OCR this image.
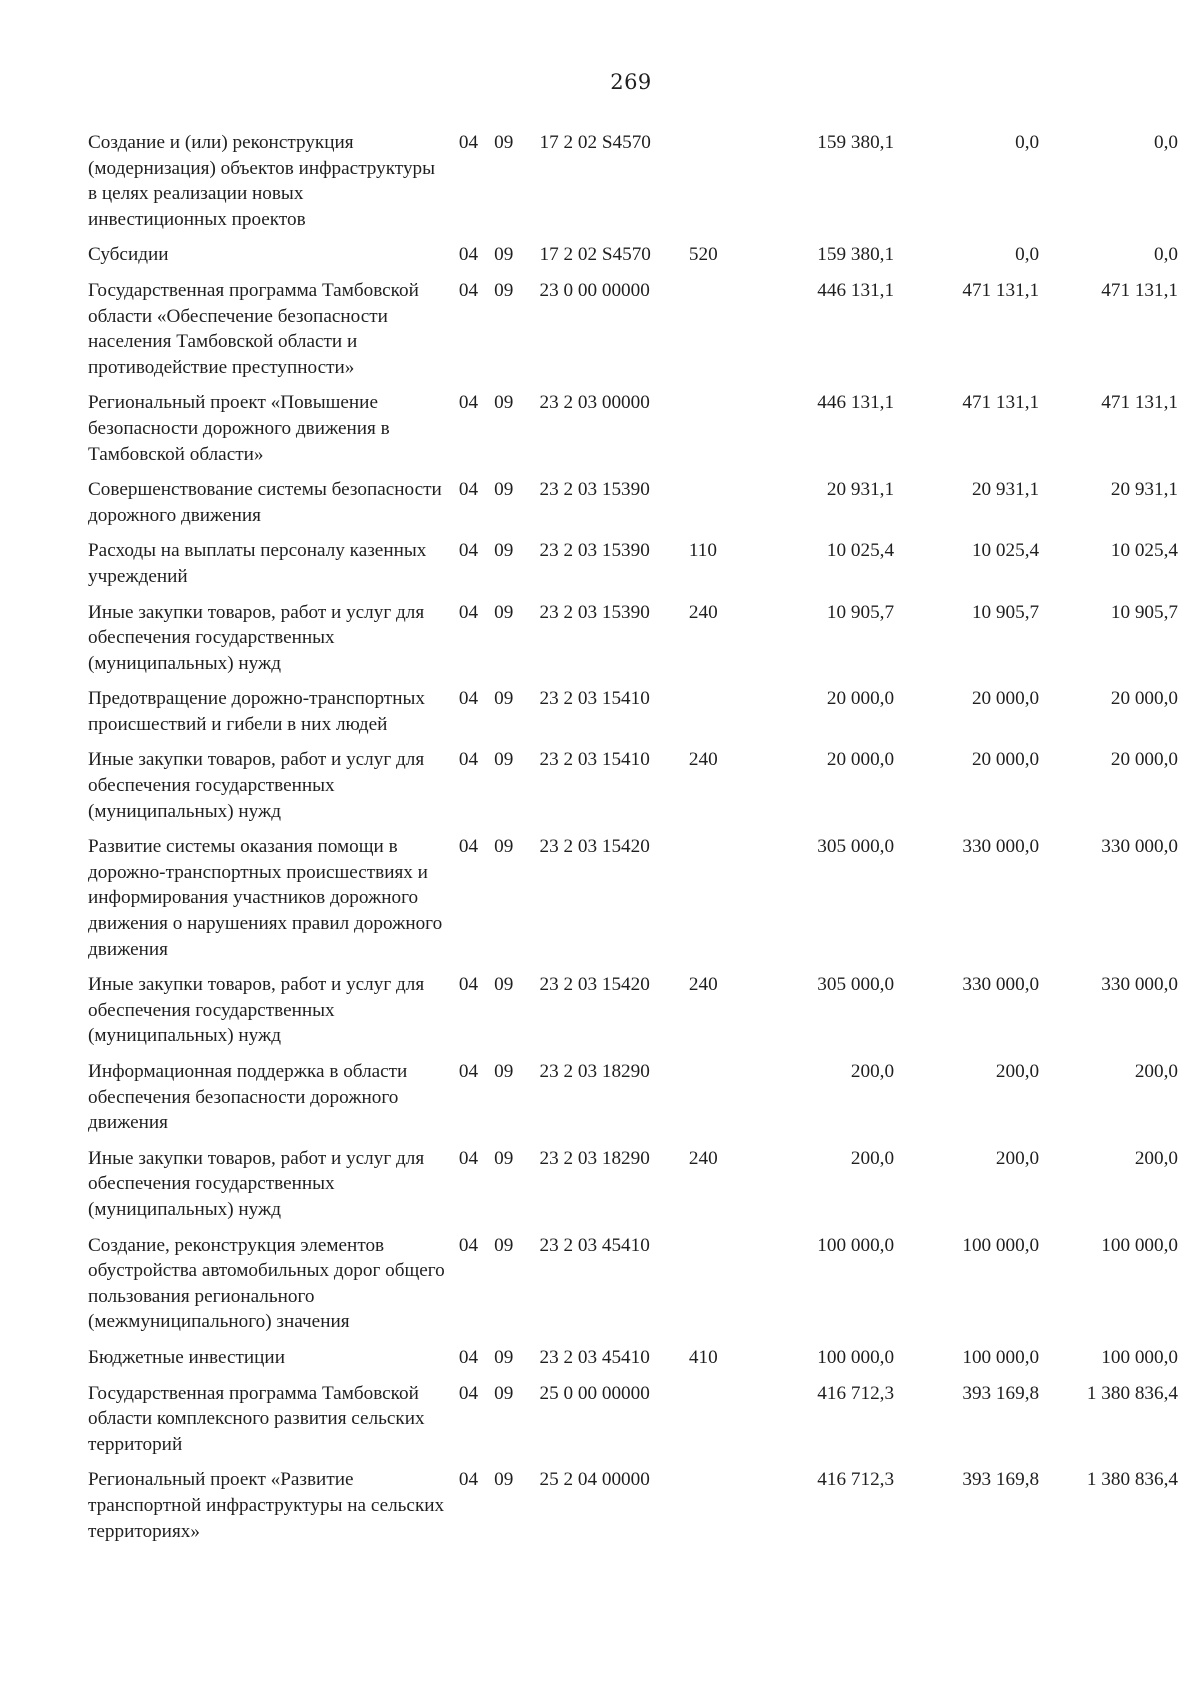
269
Создание и (или) реконструкция (модернизация) объектов инфраструктуры в целях реализации новых инвестиционных проектов	04	09	17 2 02 S4570		159 380,1	0,0	0,0
Субсидии	04	09	17 2 02 S4570	520	159 380,1	0,0	0,0
Государственная программа Тамбовской области «Обеспечение безопасности населения Тамбовской области и противодействие преступности»	04	09	23 0 00 00000		446 131,1	471 131,1	471 131,1
Региональный проект «Повышение безопасности дорожного движения в Тамбовской области»	04	09	23 2 03 00000		446 131,1	471 131,1	471 131,1
Совершенствование системы безопасности дорожного движения	04	09	23 2 03 15390		20 931,1	20 931,1	20 931,1
Расходы на выплаты персоналу казенных учреждений	04	09	23 2 03 15390	110	10 025,4	10 025,4	10 025,4
Иные закупки товаров, работ и услуг для обеспечения государственных (муниципальных) нужд	04	09	23 2 03 15390	240	10 905,7	10 905,7	10 905,7
Предотвращение дорожно-транспортных происшествий и гибели в них людей	04	09	23 2 03 15410		20 000,0	20 000,0	20 000,0
Иные закупки товаров, работ и услуг для обеспечения государственных (муниципальных) нужд	04	09	23 2 03 15410	240	20 000,0	20 000,0	20 000,0
Развитие системы оказания помощи в дорожно-транспортных происшествиях и информирования участников дорожного движения о нарушениях правил дорожного движения	04	09	23 2 03 15420		305 000,0	330 000,0	330 000,0
Иные закупки товаров, работ и услуг для обеспечения государственных (муниципальных) нужд	04	09	23 2 03 15420	240	305 000,0	330 000,0	330 000,0
Информационная поддержка в области обеспечения безопасности дорожного движения	04	09	23 2 03 18290		200,0	200,0	200,0
Иные закупки товаров, работ и услуг для обеспечения государственных (муниципальных) нужд	04	09	23 2 03 18290	240	200,0	200,0	200,0
Создание, реконструкция элементов обустройства автомобильных дорог общего пользования регионального (межмуниципального) значения	04	09	23 2 03 45410		100 000,0	100 000,0	100 000,0
Бюджетные инвестиции	04	09	23 2 03 45410	410	100 000,0	100 000,0	100 000,0
Государственная программа Тамбовской области комплексного развития сельских территорий	04	09	25 0 00 00000		416 712,3	393 169,8	1 380 836,4
Региональный проект «Развитие транспортной инфраструктуры на сельских территориях»	04	09	25 2 04 00000		416 712,3	393 169,8	1 380 836,4
